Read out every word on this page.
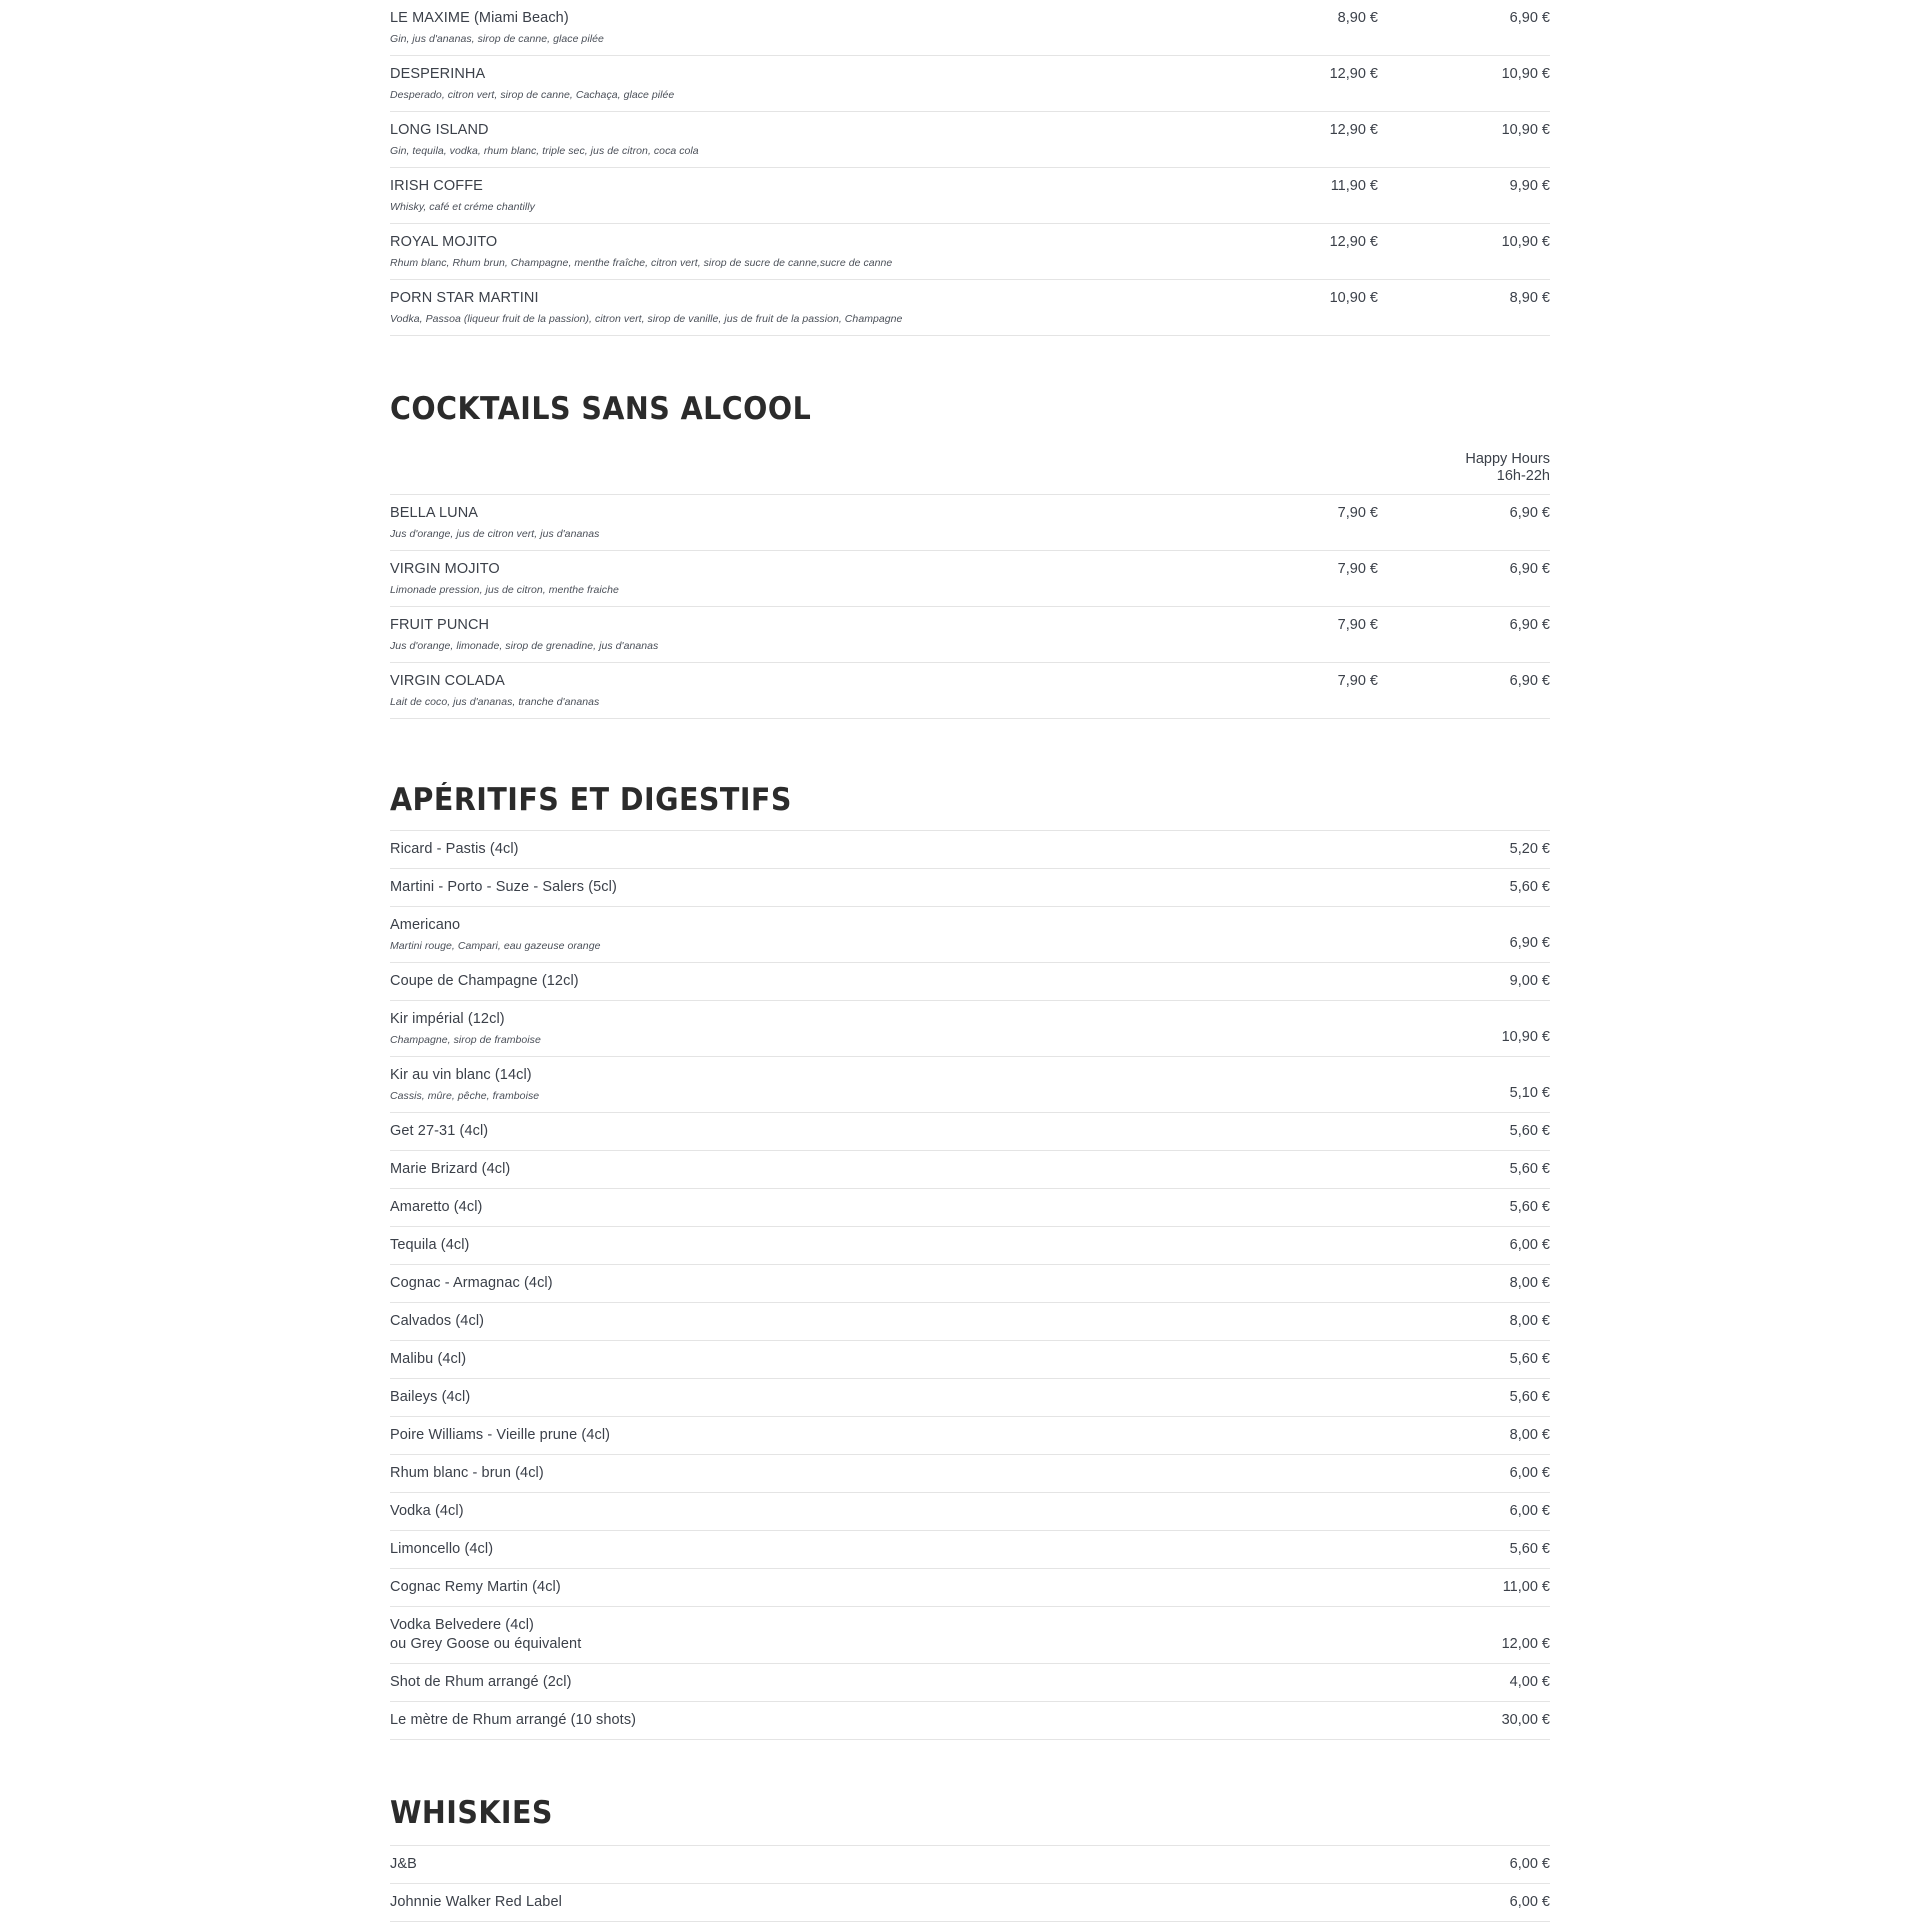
LE MAXIME (Miami Beach)
Gin, jus d'ananas, sirop de canne, glace pilée
8,90 €	6,90 €
DESPERINHA
Desperado, citron vert, sirop de canne, Cachaça, glace pilée
12,90 €	10,90 €
LONG ISLAND
Gin, tequila, vodka, rhum blanc, triple sec, jus de citron, coca cola
12,90 €	10,90 €
IRISH COFFE
Whisky, café et créme chantilly
11,90 €	9,90 €
ROYAL MOJITO
Rhum blanc, Rhum brun, Champagne, menthe fraîche, citron vert, sirop de sucre de canne,sucre de canne
12,90 €	10,90 €
PORN STAR MARTINI
Vodka, Passoa (liqueur fruit de la passion), citron vert, sirop de vanille, jus de fruit de la passion, Champagne
10,90 €	8,90 €
COCKTAILS SANS ALCOOL
Happy Hours
16h-22h
BELLA LUNA
Jus d'orange, jus de citron vert, jus d'ananas
7,90 €	6,90 €
VIRGIN MOJITO
Limonade pression, jus de citron, menthe fraiche
7,90 €	6,90 €
FRUIT PUNCH
Jus d'orange, limonade, sirop de grenadine, jus d'ananas
7,90 €	6,90 €
VIRGIN COLADA
Lait de coco, jus d'ananas, tranche d'ananas
7,90 €	6,90 €
APÉRITIFS ET DIGESTIFS
Ricard - Pastis (4cl)	5,20 €
Martini - Porto - Suze - Salers (5cl)	5,60 €
Americano
Martini rouge, Campari, eau gazeuse orange	6,90 €
Coupe de Champagne (12cl)	9,00 €
Kir impérial (12cl)
Champagne, sirop de framboise	10,90 €
Kir au vin blanc (14cl)
Cassis, mûre, pêche, framboise	5,10 €
Get 27-31 (4cl)	5,60 €
Marie Brizard (4cl)	5,60 €
Amaretto (4cl)	5,60 €
Tequila (4cl)	6,00 €
Cognac - Armagnac (4cl)	8,00 €
Calvados (4cl)	8,00 €
Malibu (4cl)	5,60 €
Baileys (4cl)	5,60 €
Poire Williams - Vieille prune (4cl)	8,00 €
Rhum blanc - brun (4cl)	6,00 €
Vodka (4cl)	6,00 €
Limoncello (4cl)	5,60 €
Cognac Remy Martin (4cl)	11,00 €
Vodka Belvedere (4cl)
ou Grey Goose ou équivalent	12,00 €
Shot de Rhum arrangé (2cl)	4,00 €
Le mètre de Rhum arrangé (10 shots)	30,00 €
WHISKIES
J&B	6,00 €
Johnnie Walker Red Label	6,00 €
